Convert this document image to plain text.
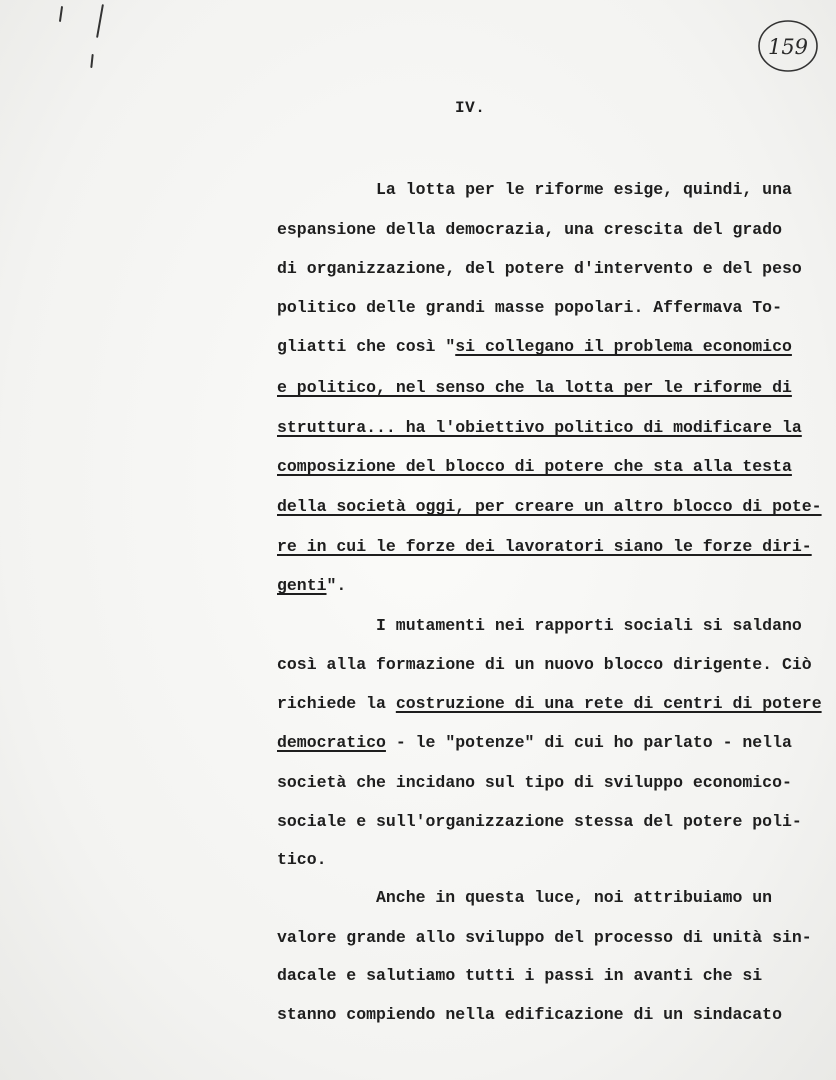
159
IV.
La lotta per le riforme esige, quindi, una
espansione della democrazia, una crescita del grado
di organizzazione, del potere d'intervento e del peso
politico delle grandi masse popolari. Affermava To-
gliatti che così "si collegano il problema economico
e politico, nel senso che la lotta per le riforme di
struttura... ha l'obiettivo politico di modificare la
composizione del blocco di potere che sta alla testa
della società oggi, per creare un altro blocco di pote-
re in cui le forze dei lavoratori siano le forze diri-
genti".
I mutamenti nei rapporti sociali si saldano
così alla formazione di un nuovo blocco dirigente. Ciò
richiede la costruzione di una rete di centri di potere
democratico - le "potenze" di cui ho parlato - nella
società che incidano sul tipo di sviluppo economico-
sociale e sull'organizzazione stessa del potere poli-
tico.
Anche in questa luce, noi attribuiamo un
valore grande allo sviluppo del processo di unità sin-
dacale e salutiamo tutti i passi in avanti che si
stanno compiendo nella edificazione di un sindacato
